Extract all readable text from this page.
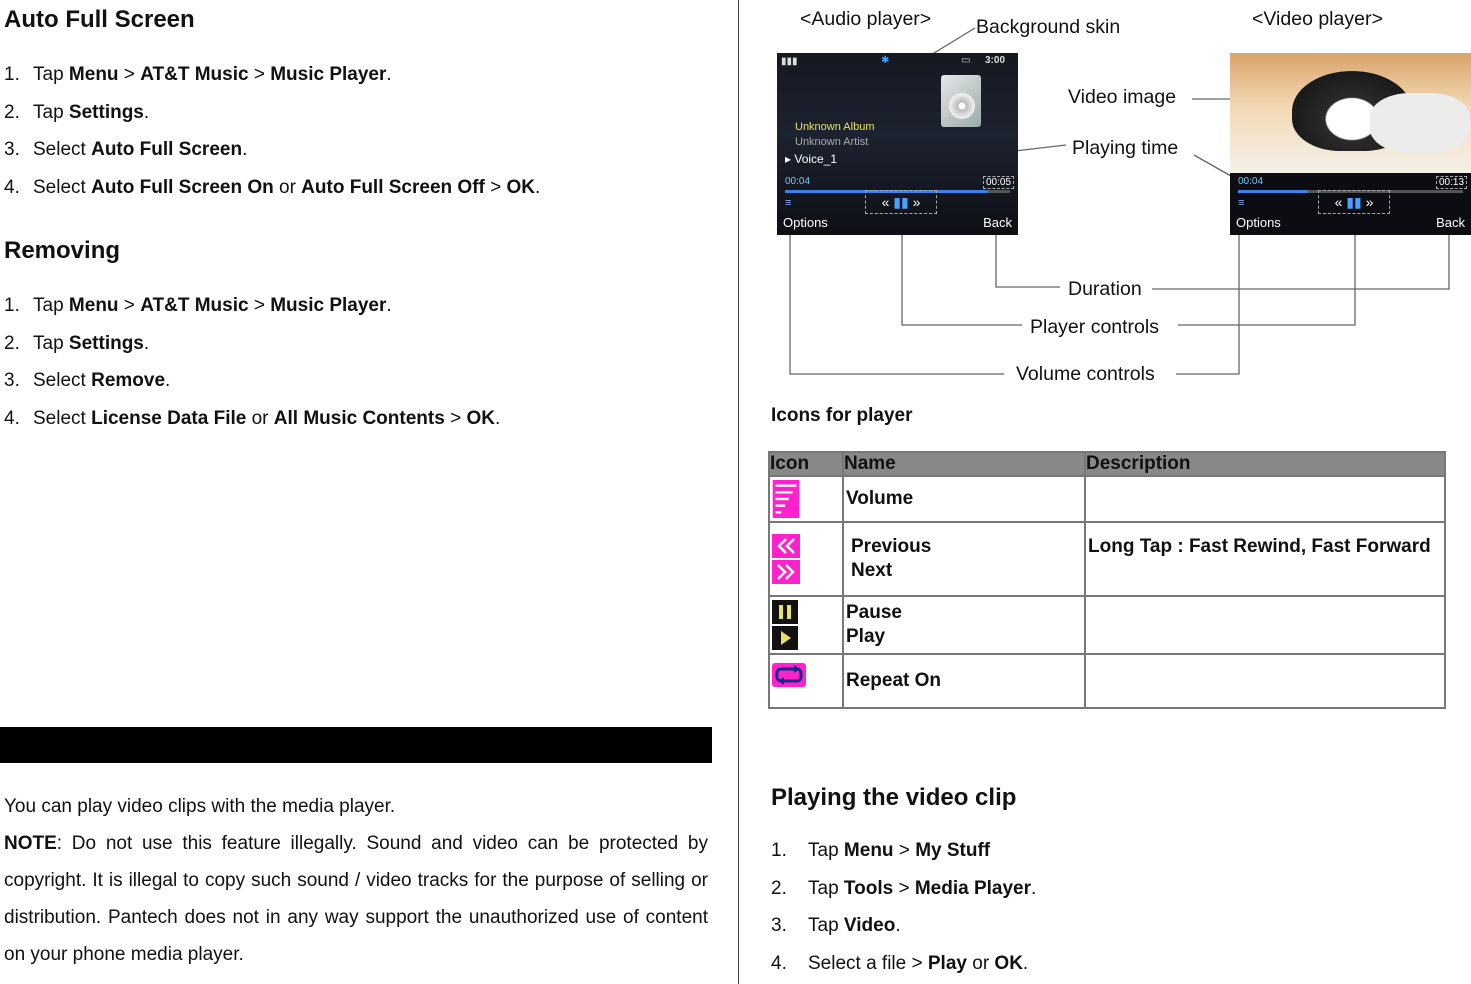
Auto Full Screen
1. Tap Menu > AT&T Music > Music Player.
2. Tap Settings.
3. Select Auto Full Screen.
4. Select Auto Full Screen On or Auto Full Screen Off > OK.
Removing
1. Tap Menu > AT&T Music > Music Player.
2. Tap Settings.
3. Select Remove.
4. Select License Data File or All Music Contents > OK.
You can play video clips with the media player.
NOTE: Do not use this feature illegally. Sound and video can be protected by copyright. It is illegal to copy such sound / video tracks for the purpose of selling or distribution. Pantech does not in any way support the unauthorized use of content on your phone media player.
<Audio player>	<Video player>
Background skin
Video image
Playing time
Duration
Player controls
Volume controls
▮▮▮	✱	▭ 3:00
Unknown Album
Unknown Artist
▸ Voice_1
00:04	00:05
≡	« ▮▮ »
Options	Back
00:04	00:13
≡	« ▮▮ »
Options	Back
Icons for player
Icon	Name	Description

	Volume	

	Previous
Next	Long Tap : Fast Rewind, Fast Forward

	Pause
Play	

	Repeat On	
Playing the video clip
1. Tap Menu > My Stuff
2. Tap Tools > Media Player.
3. Tap Video.
4. Select a file > Play or OK.
